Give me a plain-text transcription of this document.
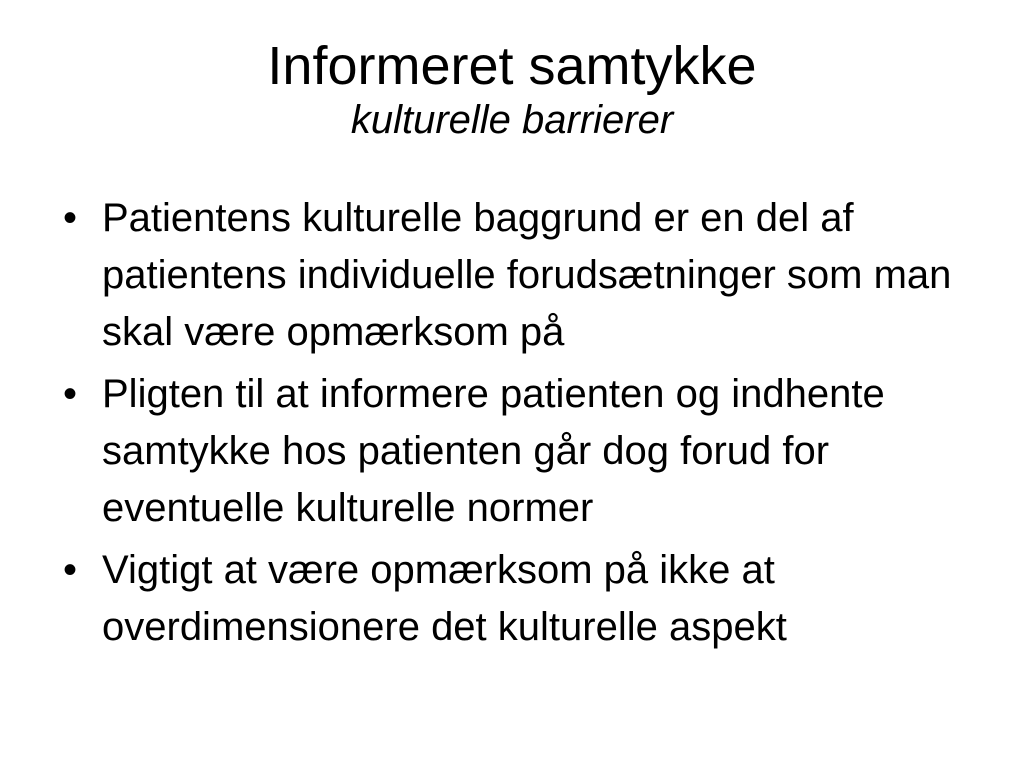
Informeret samtykke
kulturelle barrierer
• Patientens kulturelle baggrund er en del af patientens individuelle forudsætninger som man skal være opmærksom på
• Pligten til at informere patienten og indhente samtykke hos patienten går dog forud for eventuelle kulturelle normer
• Vigtigt at være opmærksom på ikke at overdimensionere det kulturelle aspekt
